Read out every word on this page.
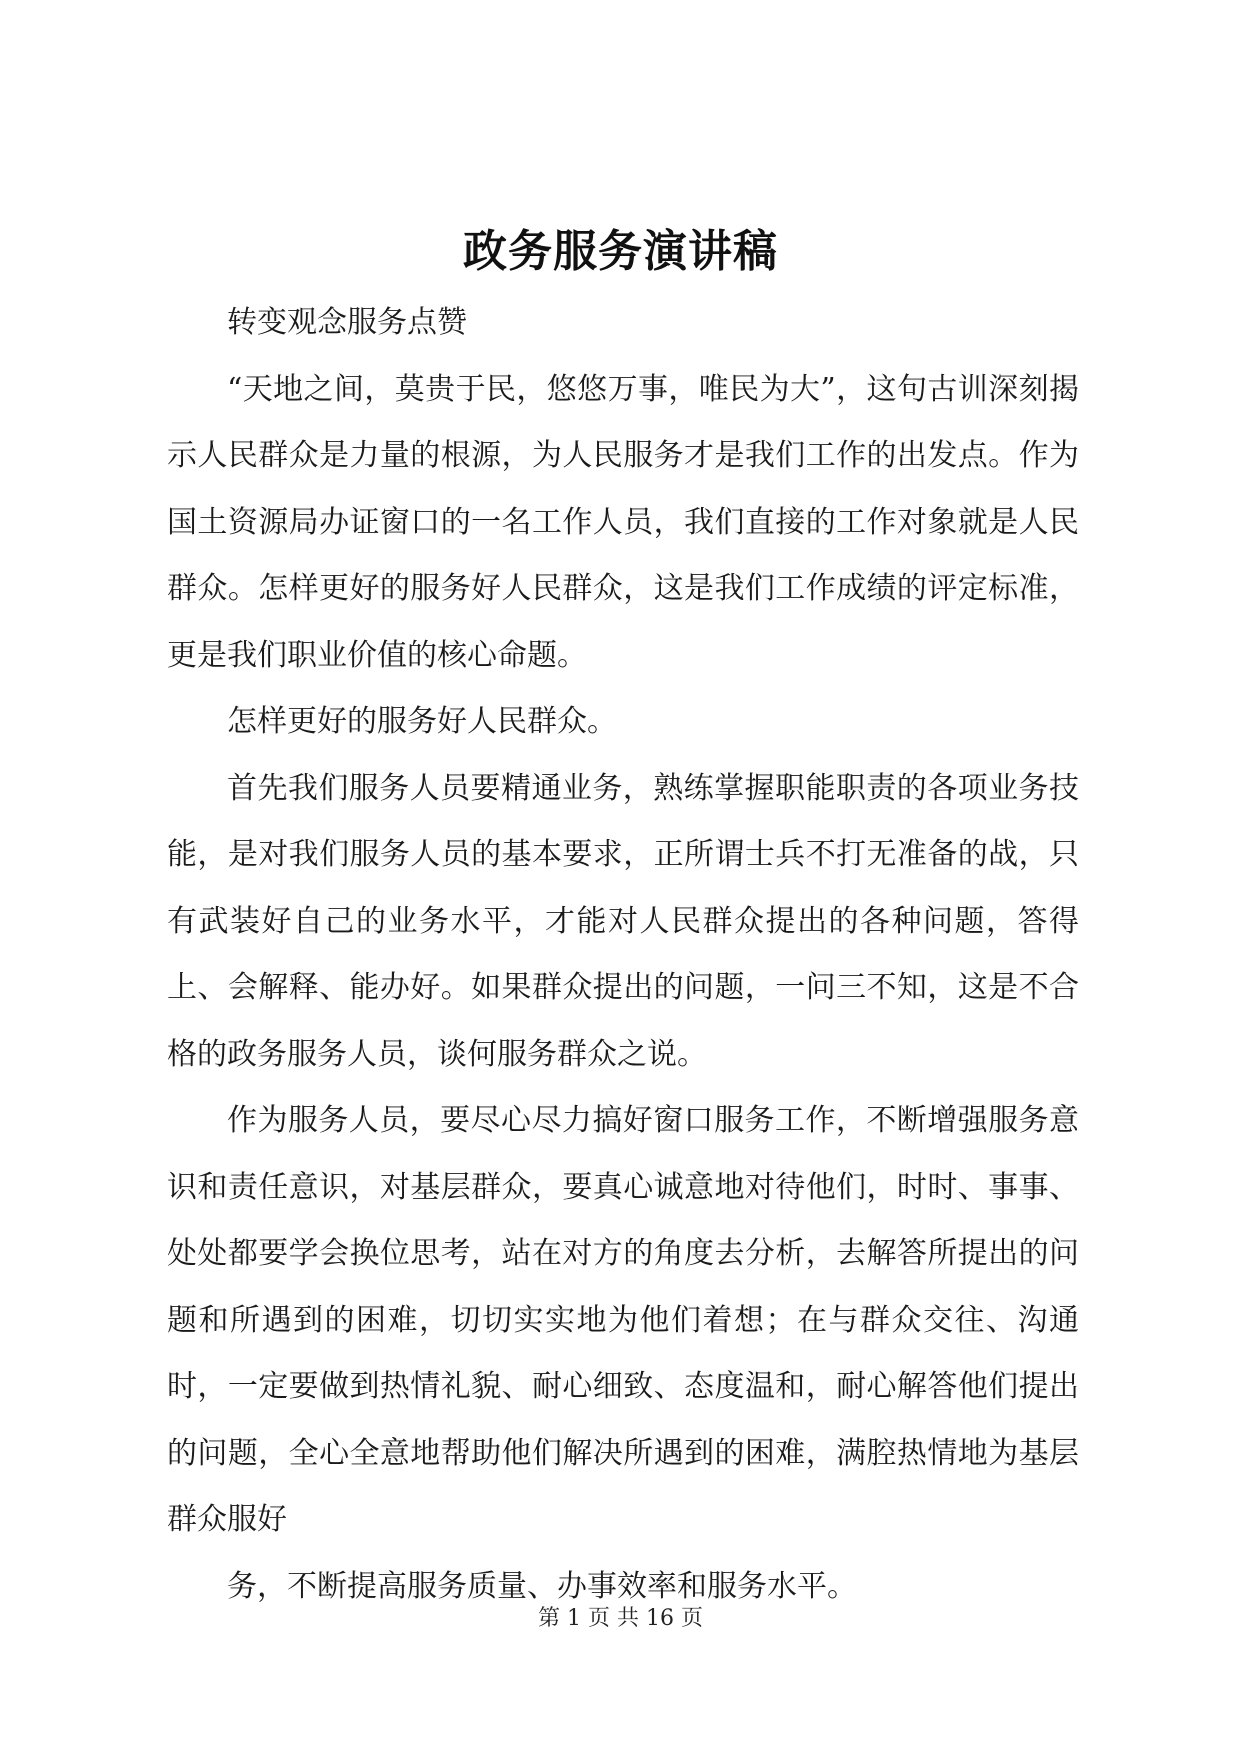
政务服务演讲稿

转变观念服务点赞

“天地之间，莫贵于民，悠悠万事，唯民为大”，这句古训深刻揭示人民群众是力量的根源，为人民服务才是我们工作的出发点。作为国土资源局办证窗口的一名工作人员，我们直接的工作对象就是人民群众。怎样更好的服务好人民群众，这是我们工作成绩的评定标准，更是我们职业价值的核心命题。

怎样更好的服务好人民群众。

首先我们服务人员要精通业务，熟练掌握职能职责的各项业务技能，是对我们服务人员的基本要求，正所谓士兵不打无准备的战，只有武装好自己的业务水平，才能对人民群众提出的各种问题，答得上、会解释、能办好。如果群众提出的问题，一问三不知，这是不合格的政务服务人员，谈何服务群众之说。

作为服务人员，要尽心尽力搞好窗口服务工作，不断增强服务意识和责任意识，对基层群众，要真心诚意地对待他们，时时、事事、处处都要学会换位思考，站在对方的角度去分析，去解答所提出的问题和所遇到的困难，切切实实地为他们着想；在与群众交往、沟通时，一定要做到热情礼貌、耐心细致、态度温和，耐心解答他们提出的问题，全心全意地帮助他们解决所遇到的困难，满腔热情地为基层群众服好

务，不断提高服务质量、办事效率和服务水平。

第 1 页 共 16 页
